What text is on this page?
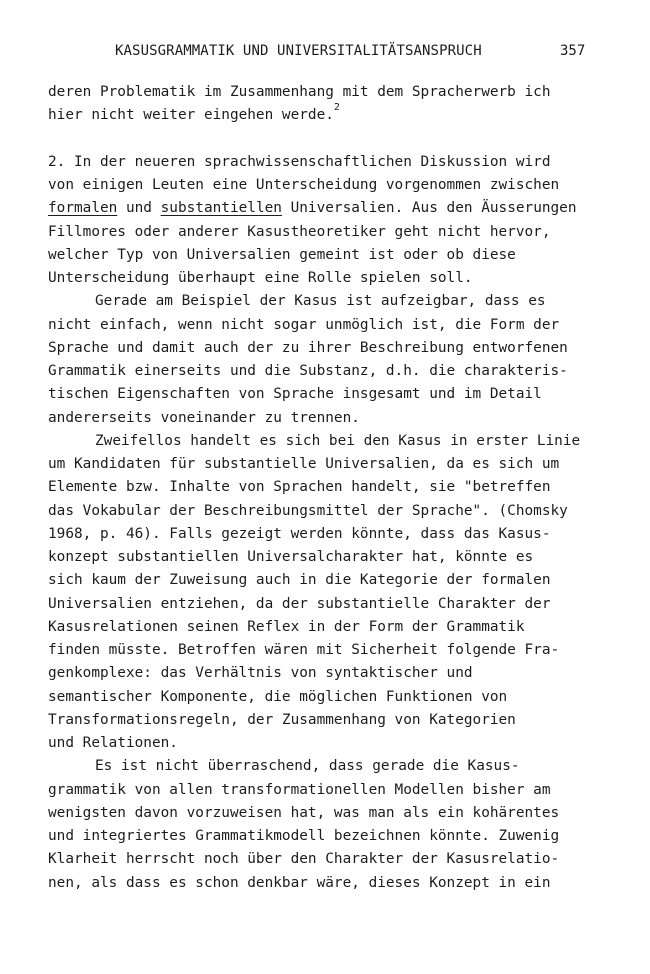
KASUSGRAMMATIK UND UNIVERSITALITÄTSANSPRUCH	357
deren Problematik im Zusammenhang mit dem Spracherwerb ich
hier nicht weiter eingehen werde.$^2$
2. In der neueren sprachwissenschaftlichen Diskussion wird
von einigen Leuten eine Unterscheidung vorgenommen zwischen
formalen und substantiellen Universalien. Aus den Äusserungen
Fillmores oder anderer Kasustheoretiker geht nicht hervor,
welcher Typ von Universalien gemeint ist oder ob diese
Unterscheidung überhaupt eine Rolle spielen soll.
Gerade am Beispiel der Kasus ist aufzeigbar, dass es
nicht einfach, wenn nicht sogar unmöglich ist, die Form der
Sprache und damit auch der zu ihrer Beschreibung entworfenen
Grammatik einerseits und die Substanz, d.h. die charakteris-
tischen Eigenschaften von Sprache insgesamt und im Detail
andererseits voneinander zu trennen.
Zweifellos handelt es sich bei den Kasus in erster Linie
um Kandidaten für substantielle Universalien, da es sich um
Elemente bzw. Inhalte von Sprachen handelt, sie "betreffen
das Vokabular der Beschreibungsmittel der Sprache". (Chomsky
1968, p. 46). Falls gezeigt werden könnte, dass das Kasus-
konzept substantiellen Universalcharakter hat, könnte es
sich kaum der Zuweisung auch in die Kategorie der formalen
Universalien entziehen, da der substantielle Charakter der
Kasusrelationen seinen Reflex in der Form der Grammatik
finden müsste. Betroffen wären mit Sicherheit folgende Fra-
genkomplexe: das Verhältnis von syntaktischer und
semantischer Komponente, die möglichen Funktionen von
Transformationsregeln, der Zusammenhang von Kategorien
und Relationen.
Es ist nicht überraschend, dass gerade die Kasus-
grammatik von allen transformationellen Modellen bisher am
wenigsten davon vorzuweisen hat, was man als ein kohärentes
und integriertes Grammatikmodell bezeichnen könnte. Zuwenig
Klarheit herrscht noch über den Charakter der Kasusrelatio-
nen, als dass es schon denkbar wäre, dieses Konzept in ein
